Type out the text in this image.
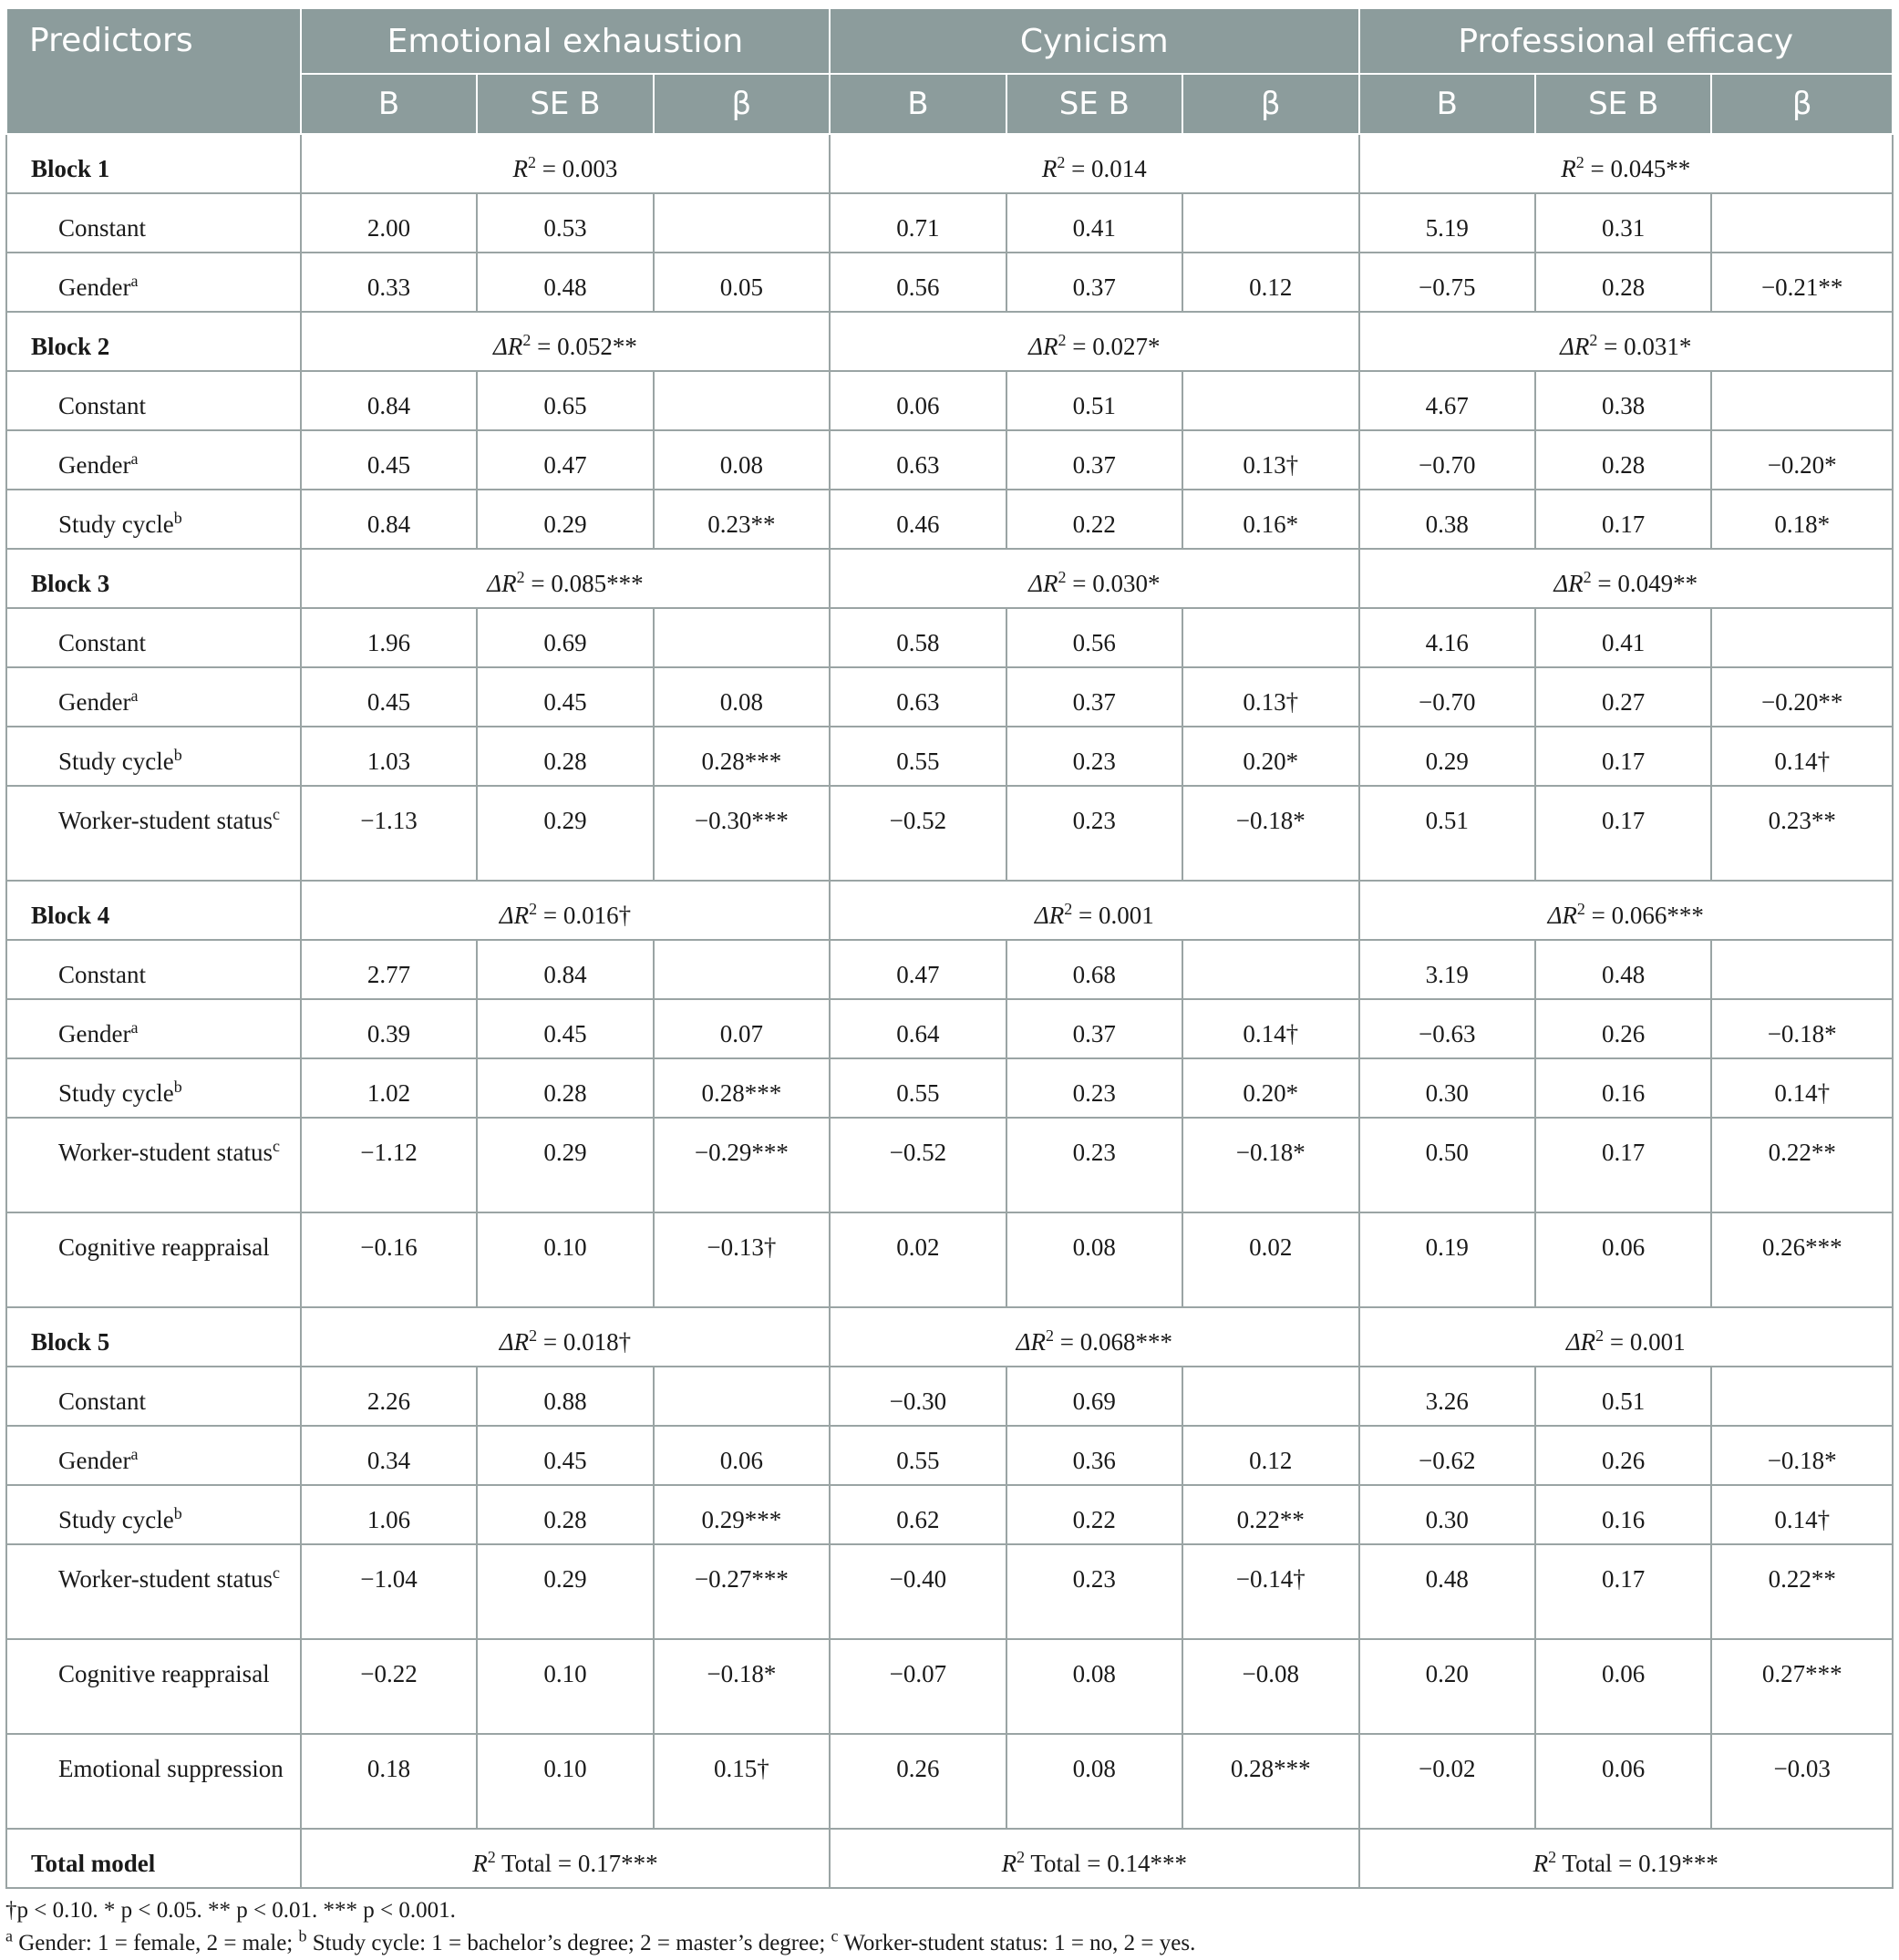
Predictors	Emotional exhaustion			Cynicism			Professional efficacy		
	B	SE B	β	B	SE B	β	B	SE B	β
Block 1	$R^2 = 0.003$			$R^2 = 0.014$			$R^2 = 0.045**$		
Constant	2.00	0.53		0.71	0.41		5.19	0.31	
Gender$^a$	0.33	0.48	0.05	0.56	0.37	0.12	−0.75	0.28	−0.21**
Block 2	$\Delta R^2 = 0.052**$			$\Delta R^2 = 0.027*$			$\Delta R^2 = 0.031*$		
Constant	0.84	0.65		0.06	0.51		4.67	0.38	
Gender$^a$	0.45	0.47	0.08	0.63	0.37	0.13†	−0.70	0.28	−0.20*
Study cycle$^b$	0.84	0.29	0.23**	0.46	0.22	0.16*	0.38	0.17	0.18*
Block 3	$\Delta R^2 = 0.085***$			$\Delta R^2 = 0.030*$			$\Delta R^2 = 0.049**$		
Constant	1.96	0.69		0.58	0.56		4.16	0.41	
Gender$^a$	0.45	0.45	0.08	0.63	0.37	0.13†	−0.70	0.27	−0.20**
Study cycle$^b$	1.03	0.28	0.28***	0.55	0.23	0.20*	0.29	0.17	0.14†
Worker-student status$^c$	−1.13	0.29	−0.30***	−0.52	0.23	−0.18*	0.51	0.17	0.23**
Block 4	$\Delta R^2$ = 0.016†			$\Delta R^2 = 0.001$			$\Delta R^2 = 0.066***$		
Constant	2.77	0.84		0.47	0.68		3.19	0.48	
Gender$^a$	0.39	0.45	0.07	0.64	0.37	0.14†	−0.63	0.26	−0.18*
Study cycle$^b$	1.02	0.28	0.28***	0.55	0.23	0.20*	0.30	0.16	0.14†
Worker-student status$^c$	−1.12	0.29	−0.29***	−0.52	0.23	−0.18*	0.50	0.17	0.22**
Cognitive reappraisal	−0.16	0.10	−0.13†	0.02	0.08	0.02	0.19	0.06	0.26***
Block 5	$\Delta R^2$ = 0.018†			$\Delta R^2 = 0.068***$			$\Delta R^2 = 0.001$		
Constant	2.26	0.88		−0.30	0.69		3.26	0.51	
Gender$^a$	0.34	0.45	0.06	0.55	0.36	0.12	−0.62	0.26	−0.18*
Study cycle$^b$	1.06	0.28	0.29***	0.62	0.22	0.22**	0.30	0.16	0.14†
Worker-student status$^c$	−1.04	0.29	−0.27***	−0.40	0.23	−0.14†	0.48	0.17	0.22**
Cognitive reappraisal	−0.22	0.10	−0.18*	−0.07	0.08	−0.08	0.20	0.06	0.27***
Emotional suppression	0.18	0.10	0.15†	0.26	0.08	0.28***	−0.02	0.06	−0.03
Total model	$R^2$ Total = 0.17***			$R^2$ Total = 0.14***			$R^2$ Total = 0.19***		
†p < 0.10. * p < 0.05. ** p < 0.01. *** p < 0.001.
$^a$ Gender: 1 = female, 2 = male; $^b$ Study cycle: 1 = bachelor’s degree; 2 = master’s degree; $^c$ Worker-student status: 1 = no, 2 = yes.
